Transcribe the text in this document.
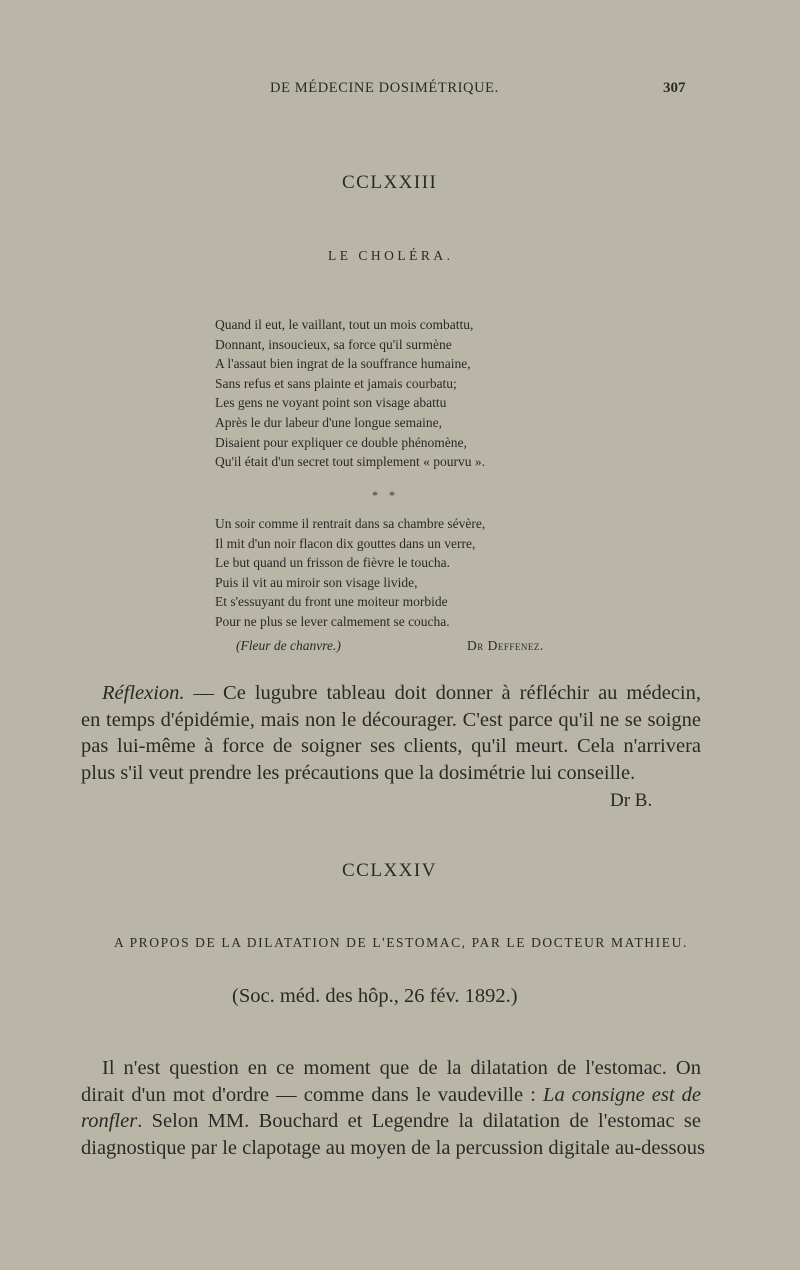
DE MÉDECINE DOSIMÉTRIQUE.	307
CCLXXIII
LE CHOLÉRA.
Quand il eut, le vaillant, tout un mois combattu,
Donnant, insoucieux, sa force qu'il surmène
A l'assaut bien ingrat de la souffrance humaine,
Sans refus et sans plainte et jamais courbatu;
Les gens ne voyant point son visage abattu
Après le dur labeur d'une longue semaine,
Disaient pour expliquer ce double phénomène,
Qu'il était d'un secret tout simplement « pourvu ».
* *
Un soir comme il rentrait dans sa chambre sévère,
Il mit d'un noir flacon dix gouttes dans un verre,
Le but quand un frisson de fièvre le toucha.
Puis il vit au miroir son visage livide,
Et s'essuyant du front une moiteur morbide
Pour ne plus se lever calmement se coucha.
(Fleur de chanvre.)	Dr Deffenez.
Réflexion. — Ce lugubre tableau doit donner à réfléchir au médecin,
en temps d'épidémie, mais non le décourager. C'est parce qu'il ne se soigne
pas lui-même à force de soigner ses clients, qu'il meurt. Cela n'arrivera
plus s'il veut prendre les précautions que la dosimétrie lui conseille.
Dr B.
CCLXXIV
A PROPOS DE LA DILATATION DE L'ESTOMAC, PAR LE DOCTEUR MATHIEU.
(Soc. méd. des hôp., 26 fév. 1892.)
Il n'est question en ce moment que de la dilatation de l'estomac. On
dirait d'un mot d'ordre — comme dans le vaudeville : La consigne est de
ronfler. Selon MM. Bouchard et Legendre la dilatation de l'estomac se
diagnostique par le clapotage au moyen de la percussion digitale au-dessous
